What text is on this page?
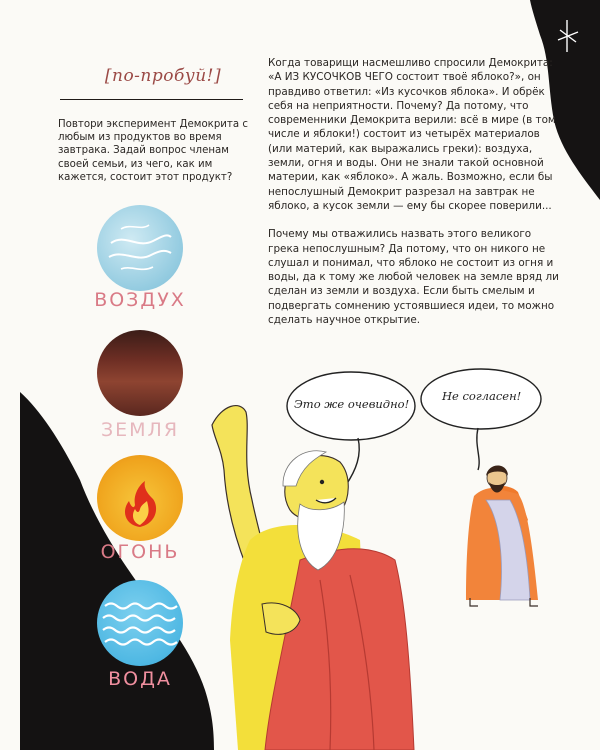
[по-пробуй!]
Повтори эксперимент Демокрита с любым из продуктов во время завтрака. Задай вопрос членам своей семьи, из чего, как им кажется, состоит этот продукт?

Когда товарищи насмешливо спросили Демокрита: «А ИЗ КУСОЧКОВ ЧЕГО состоит твоё яблоко?», он правдиво ответил: «Из кусочков яблока». И обрёк себя на неприятности. Почему? Да потому, что современники Демокрита верили: всё в мире (в том числе и яблоки!) состоит из четырёх материалов (или материй, как выражались греки): воздуха, земли, огня и воды. Они не знали такой основной материи, как «яблоко». А жаль. Возможно, если бы непослушный Демокрит разрезал на завтрак не яблоко, а кусок земли — ему бы скорее поверили...

Почему мы отважились назвать этого великого грека непослушным? Да потому, что он никого не слушал и понимал, что яблоко не состоит из огня и воды, да к тому же любой человек на земле вряд ли сделан из земли и воздуха. Если быть смелым и подвергать сомнению устоявшиеся идеи, то можно сделать научное открытие.

ВОЗДУХ
ЗЕМЛЯ
ОГОНЬ
ВОДА
Это же очевидно!
Не согласен!
